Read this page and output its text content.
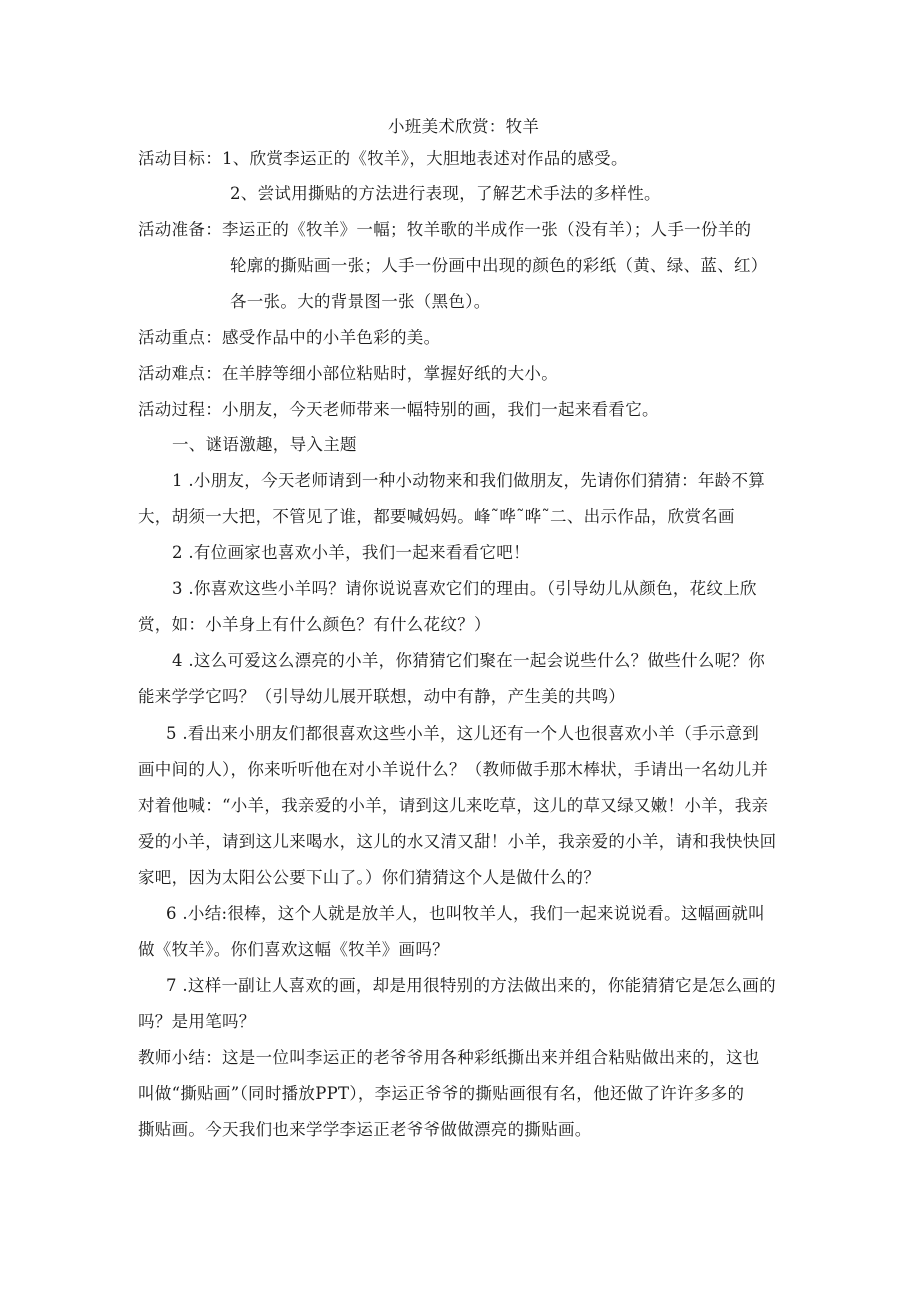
小班美术欣赏：牧羊
活动目标：1、欣赏李运正的《牧羊》，大胆地表述对作品的感受。
2、尝试用撕贴的方法进行表现，了解艺术手法的多样性。
活动准备：李运正的《牧羊》一幅；牧羊歌的半成作一张（没有羊）；人手一份羊的
轮廓的撕贴画一张；人手一份画中出现的颜色的彩纸（黄、绿、蓝、红）
各一张。大的背景图一张（黑色）。
活动重点：感受作品中的小羊色彩的美。
活动难点：在羊脖等细小部位粘贴时，掌握好纸的大小。
活动过程：小朋友，今天老师带来一幅特别的画，我们一起来看看它。
一、谜语激趣，导入主题
1 .小朋友，今天老师请到一种小动物来和我们做朋友，先请你们猜猜：年龄不算
大，胡须一大把，不管见了谁，都要喊妈妈。峰˜哗˜哗˜二、出示作品，欣赏名画
2 .有位画家也喜欢小羊，我们一起来看看它吧！
3 .你喜欢这些小羊吗？请你说说喜欢它们的理由。（引导幼儿从颜色，花纹上欣
赏，如：小羊身上有什么颜色？有什么花纹？）
4 .这么可爱这么漂亮的小羊，你猜猜它们聚在一起会说些什么？做些什么呢？你
能来学学它吗？（引导幼儿展开联想，动中有静，产生美的共鸣）
5 .看出来小朋友们都很喜欢这些小羊，这儿还有一个人也很喜欢小羊（手示意到
画中间的人），你来听听他在对小羊说什么？（教师做手那木棒状，手请出一名幼儿并
对着他喊：“小羊，我亲爱的小羊，请到这儿来吃草，这儿的草又绿又嫩！小羊，我亲
爱的小羊，请到这儿来喝水，这儿的水又清又甜！小羊，我亲爱的小羊，请和我快快回
家吧，因为太阳公公要下山了。）你们猜猜这个人是做什么的？
6 .小结:很棒，这个人就是放羊人，也叫牧羊人，我们一起来说说看。这幅画就叫
做《牧羊》。你们喜欢这幅《牧羊》画吗？
7 .这样一副让人喜欢的画，却是用很特别的方法做出来的，你能猜猜它是怎么画的
吗？是用笔吗？
教师小结：这是一位叫李运正的老爷爷用各种彩纸撕出来并组合粘贴做出来的，这也
叫做“撕贴画”（同时播放PPT），李运正爷爷的撕贴画很有名，他还做了许许多多的
撕贴画。今天我们也来学学李运正老爷爷做做漂亮的撕贴画。
